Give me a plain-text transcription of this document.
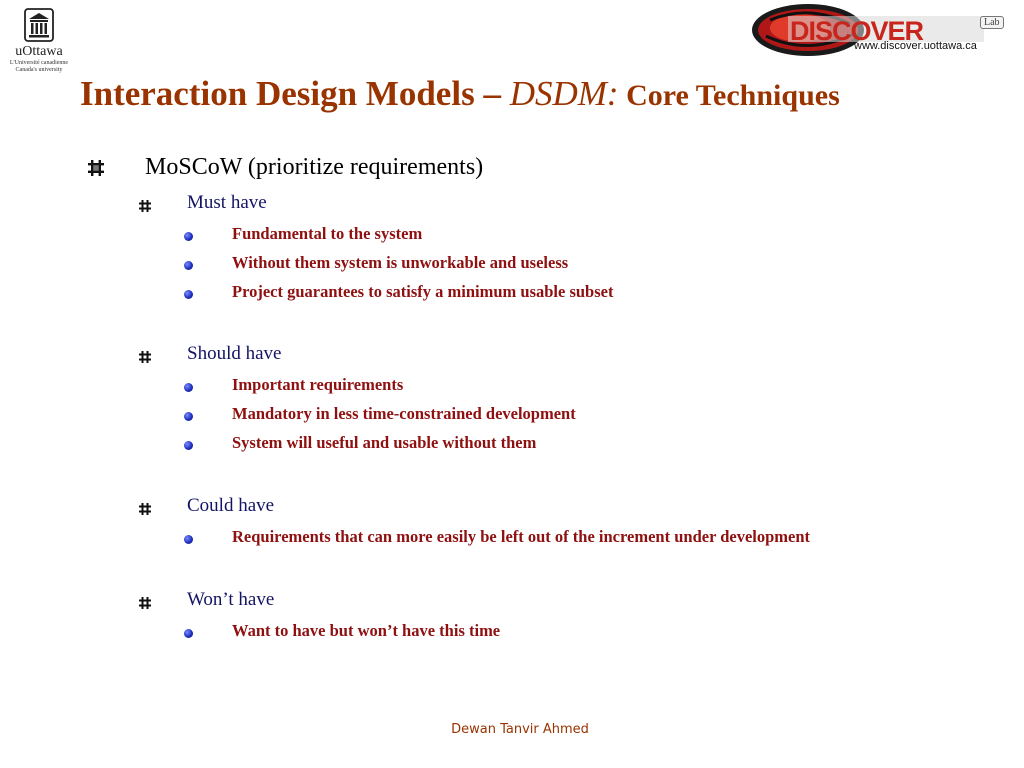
uOttawa
L'Université canadienne
Canada's university
DISCOVER	Lab
www.discover.uottawa.ca
Interaction Design Models – DSDM: Core Techniques
MoSCoW (prioritize requirements)
Must have
Fundamental to the system
Without them system is unworkable and useless
Project guarantees to satisfy a minimum usable subset
Should have
Important requirements
Mandatory in less time-constrained development
System will useful and usable without them
Could have
Requirements that can more easily be left out of the increment under development
Won’t have
Want to have but won’t have this time
Dewan Tanvir Ahmed
